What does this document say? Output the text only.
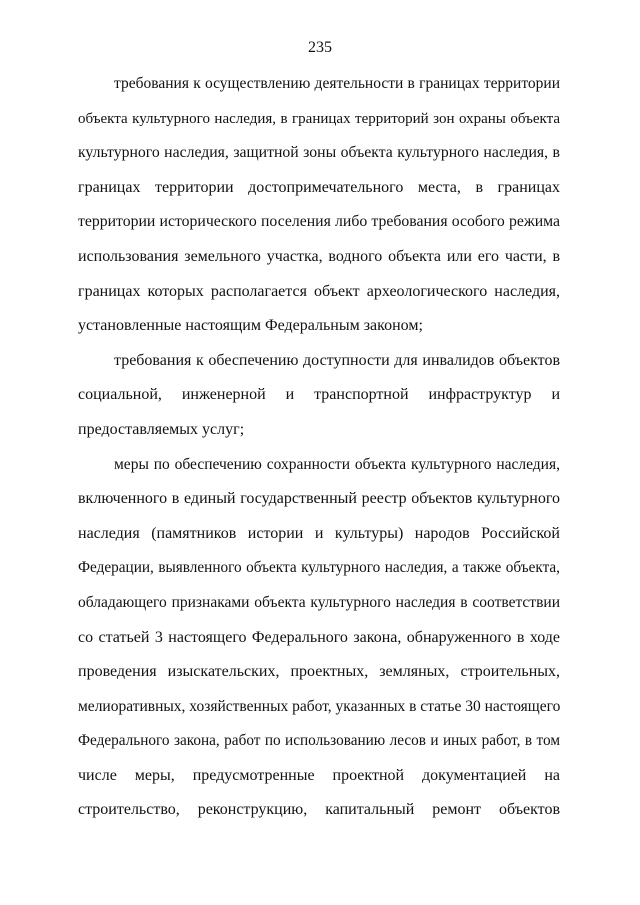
235
требования к осуществлению деятельности в границах территории
объекта культурного наследия, в границах территорий зон охраны объекта
культурного наследия, защитной зоны объекта культурного наследия, в
границах территории достопримечательного места, в границах
территории исторического поселения либо требования особого режима
использования земельного участка, водного объекта или его части, в
границах которых располагается объект археологического наследия,
установленные настоящим Федеральным законом;
требования к обеспечению доступности для инвалидов объектов
социальной, инженерной и транспортной инфраструктур и
предоставляемых услуг;
меры по обеспечению сохранности объекта культурного наследия,
включенного в единый государственный реестр объектов культурного
наследия (памятников истории и культуры) народов Российской
Федерации, выявленного объекта культурного наследия, а также объекта,
обладающего признаками объекта культурного наследия в соответствии
со статьей 3 настоящего Федерального закона, обнаруженного в ходе
проведения изыскательских, проектных, земляных, строительных,
мелиоративных, хозяйственных работ, указанных в статье 30 настоящего
Федерального закона, работ по использованию лесов и иных работ, в том
числе меры, предусмотренные проектной документацией на
строительство, реконструкцию, капитальный ремонт объектов
